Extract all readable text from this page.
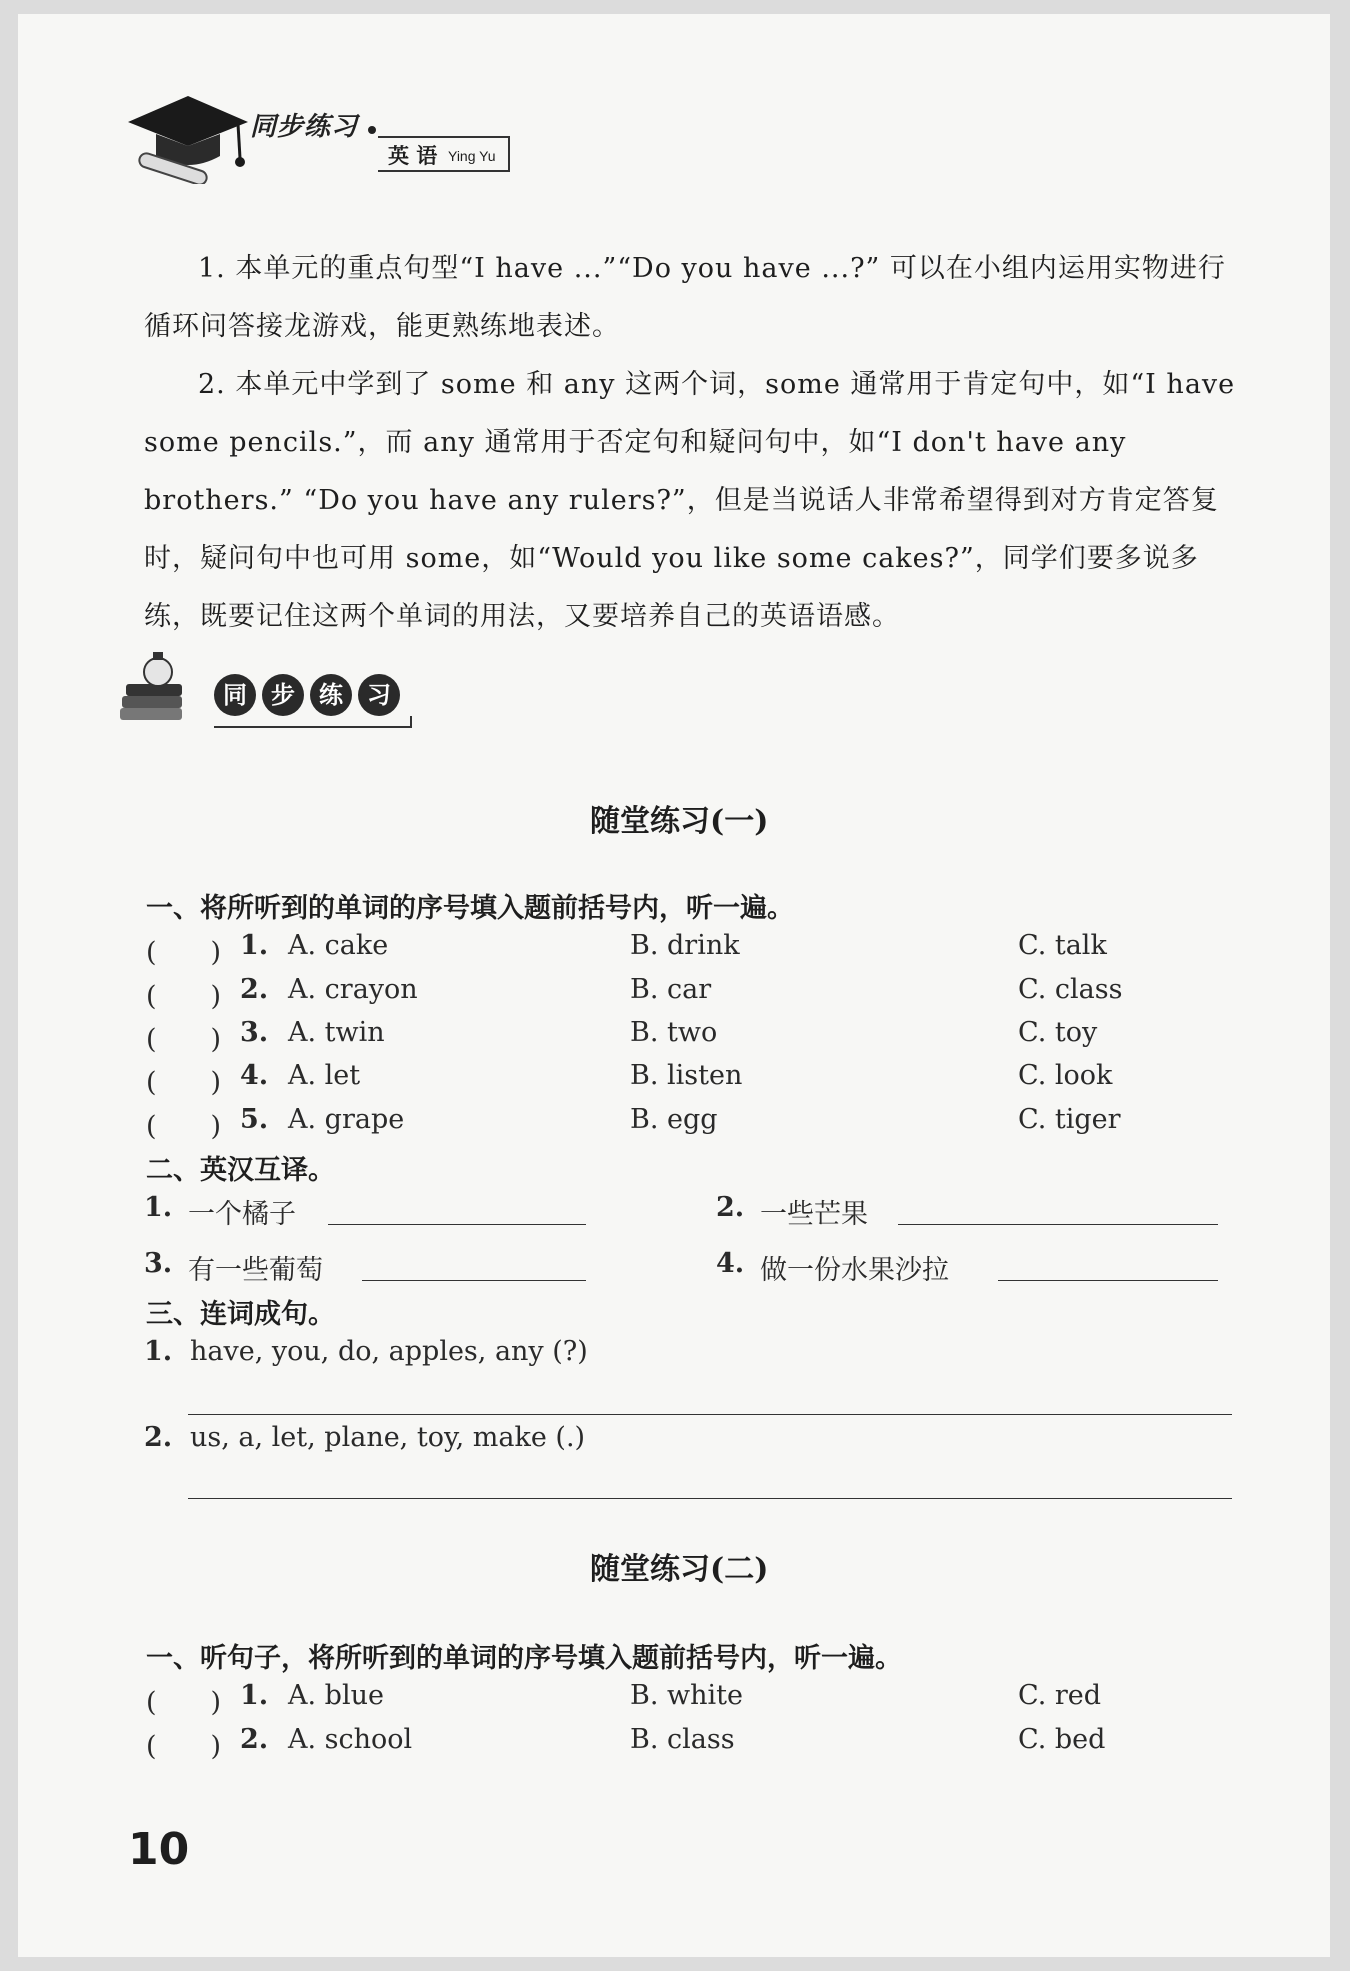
同步练习
英 语 Ying Yu
1. 本单元的重点句型“I have ...”“Do you have ...?” 可以在小组内运用实物进行循环问答接龙游戏，能更熟练地表述。
2. 本单元中学到了 some 和 any 这两个词，some 通常用于肯定句中，如“I have some pencils.”，而 any 通常用于否定句和疑问句中，如“I don't have any brothers.” “Do you have any rulers?”，但是当说话人非常希望得到对方肯定答复时，疑问句中也可用 some，如“Would you like some cakes?”，同学们要多说多练，既要记住这两个单词的用法，又要培养自己的英语语感。
同 步 练 习
随堂练习(一)
一、将所听到的单词的序号填入题前括号内，听一遍。
(　　) 1. A. cake	B. drink	C. talk
(　　) 2. A. crayon	B. car	C. class
(　　) 3. A. twin	B. two	C. toy
(　　) 4. A. let	B. listen	C. look
(　　) 5. A. grape	B. egg	C. tiger
二、英汉互译。
1. 一个橘子	2. 一些芒果
3. 有一些葡萄	4. 做一份水果沙拉
三、连词成句。
1. have, you, do, apples, any (?)
2. us, a, let, plane, toy, make (.)
随堂练习(二)
一、听句子，将所听到的单词的序号填入题前括号内，听一遍。
(　　) 1. A. blue	B. white	C. red
(　　) 2. A. school	B. class	C. bed
10
